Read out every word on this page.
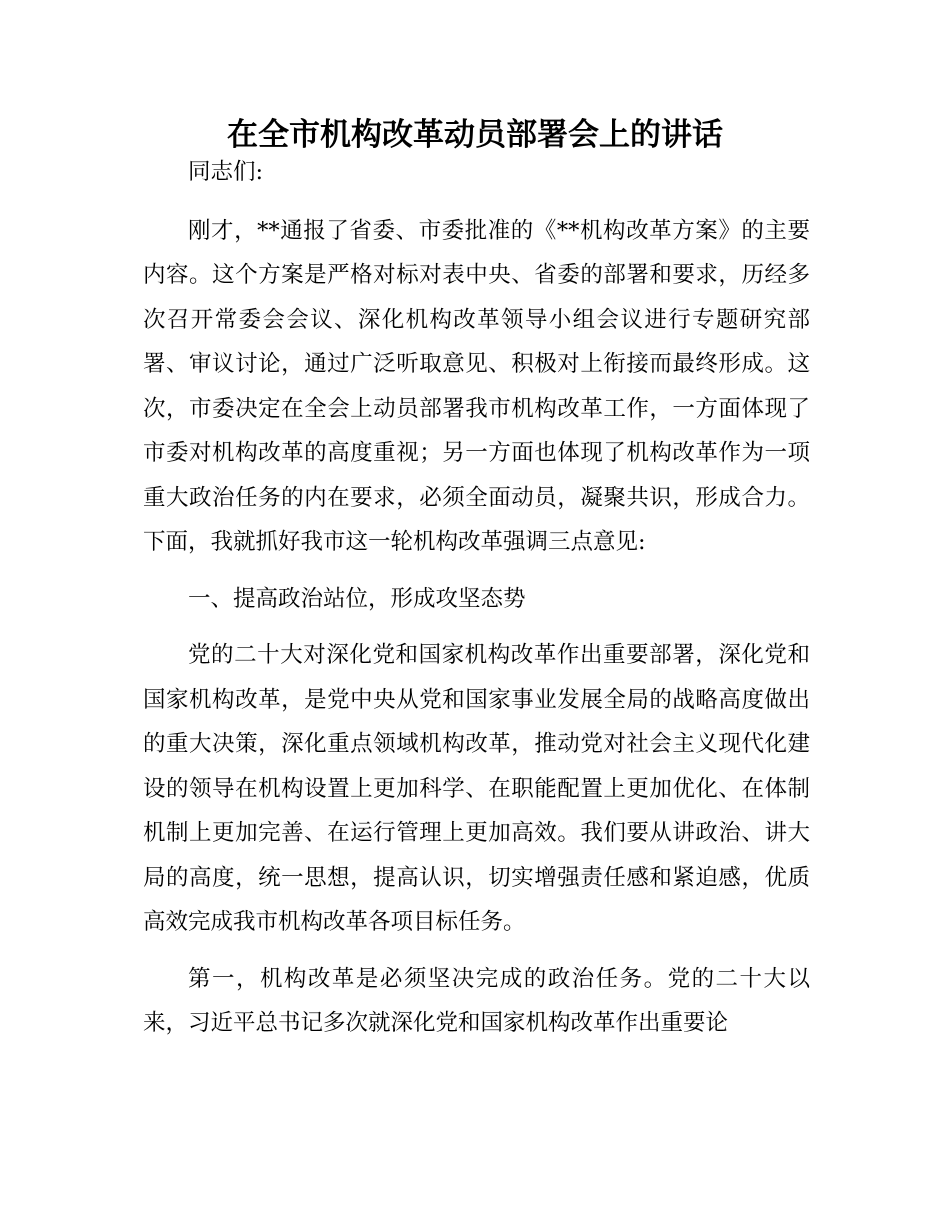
在全市机构改革动员部署会上的讲话

同志们:

刚才，**通报了省委、市委批准的《**机构改革方案》的主要内容。这个方案是严格对标对表中央、省委的部署和要求，历经多次召开常委会会议、深化机构改革领导小组会议进行专题研究部署、审议讨论，通过广泛听取意见、积极对上衔接而最终形成。这次，市委决定在全会上动员部署我市机构改革工作，一方面体现了市委对机构改革的高度重视；另一方面也体现了机构改革作为一项重大政治任务的内在要求，必须全面动员，凝聚共识，形成合力。下面，我就抓好我市这一轮机构改革强调三点意见:

一、提高政治站位，形成攻坚态势

党的二十大对深化党和国家机构改革作出重要部署，深化党和国家机构改革，是党中央从党和国家事业发展全局的战略高度做出的重大决策，深化重点领域机构改革，推动党对社会主义现代化建设的领导在机构设置上更加科学、在职能配置上更加优化、在体制机制上更加完善、在运行管理上更加高效。我们要从讲政治、讲大局的高度，统一思想，提高认识，切实增强责任感和紧迫感，优质高效完成我市机构改革各项目标任务。

第一，机构改革是必须坚决完成的政治任务。党的二十大以来，习近平总书记多次就深化党和国家机构改革作出重要论
